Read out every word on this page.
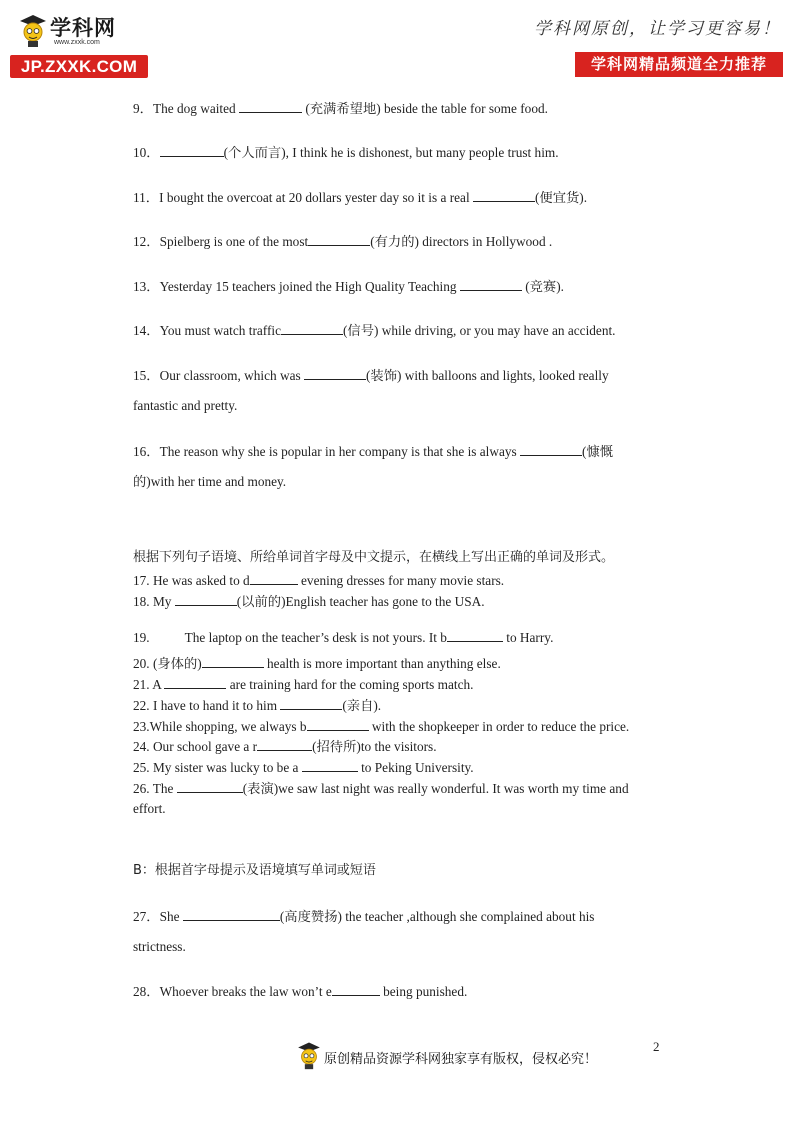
学科网
www.zxxk.com
JP.ZXXK.COM
学科网原创，让学习更容易！
学科网精品频道全力推荐
9．The dog waited	(充满希望地) beside the table for some food.
10．	(个人而言), I think he is dishonest, but many people trust him.
11．I bought the overcoat at 20 dollars yester day so it is a real	(便宜货).
12．Spielberg is one of the most	(有力的) directors in Hollywood .
13．Yesterday 15 teachers joined the High Quality Teaching	(竞赛).
14．You must watch traffic	(信号) while driving, or you may have an accident.
15．Our classroom, which was	(装饰) with balloons and lights, looked really
fantastic and pretty.
16．The reason why she is popular in her company is that she is always	(慷慨
的)with her time and money.
根据下列句子语境、所给单词首字母及中文提示，在横线上写出正确的单词及形式。
17. He was asked to d	evening dresses for many movie stars.
18. My	(以前的)English teacher has gone to the USA.
19.	The laptop on the teacher’s desk is not yours. It b	to Harry.
20. (身体的)	health is more important than anything else.
21. A	are training hard for the coming sports match.
22. I have to hand it to him	(亲自).
23.While shopping, we always b	with the shopkeeper in order to reduce the price.
24. Our school gave a r	(招待所)to the visitors.
25. My sister was lucky to be a	to Peking University.
26. The	(表演)we saw last night was really wonderful. It was worth my time and
effort.
B：根据首字母提示及语境填写单词或短语
27．She	(高度赞扬) the teacher ,although she complained about his
strictness.
28．Whoever breaks the law won’t e	being punished.
2
原创精品资源学科网独家享有版权，侵权必究！
